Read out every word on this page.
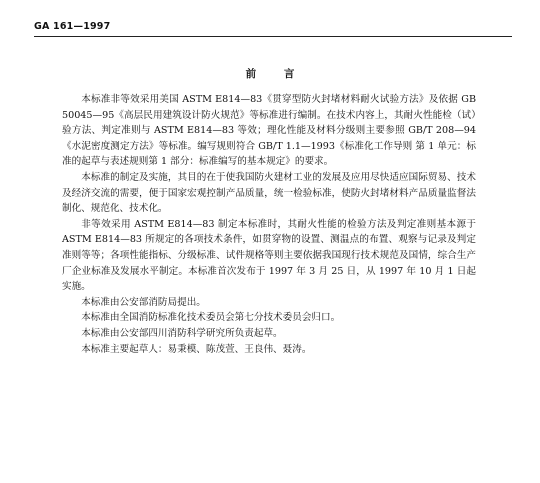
GA 161—1997
前 言

本标准非等效采用美国 ASTM E814—83《贯穿型防火封堵材料耐火试验方法》及依据 GB 50045—95《高层民用建筑设计防火规范》等标准进行编制。在技术内容上，其耐火性能检（试）验方法、判定准则与 ASTM E814—83 等效；理化性能及材料分级则主要参照 GB/T 208—94《水泥密度测定方法》等标准。编写规则符合 GB/T 1.1—1993《标准化工作导则 第 1 单元：标准的起草与表述规则第 1 部分：标准编写的基本规定》的要求。

本标准的制定及实施，其目的在于使我国防火建材工业的发展及应用尽快适应国际贸易、技术及经济交流的需要，便于国家宏观控制产品质量，统一检验标准，使防火封堵材料产品质量监督法制化、规范化、技术化。

非等效采用 ASTM E814—83 制定本标准时，其耐火性能的检验方法及判定准则基本源于 ASTM E814—83 所规定的各项技术条件，如贯穿物的设置、测温点的布置、观察与记录及判定准则等等；各项性能指标、分级标准、试件规格等则主要依据我国现行技术规范及国情，综合生产厂企业标准及发展水平制定。本标准首次发布于 1997 年 3 月 25 日，从 1997 年 10 月 1 日起实施。

本标准由公安部消防局提出。

本标准由全国消防标准化技术委员会第七分技术委员会归口。

本标准由公安部四川消防科学研究所负责起草。

本标准主要起草人：易秉模、陈茂萱、王良伟、聂涛。
